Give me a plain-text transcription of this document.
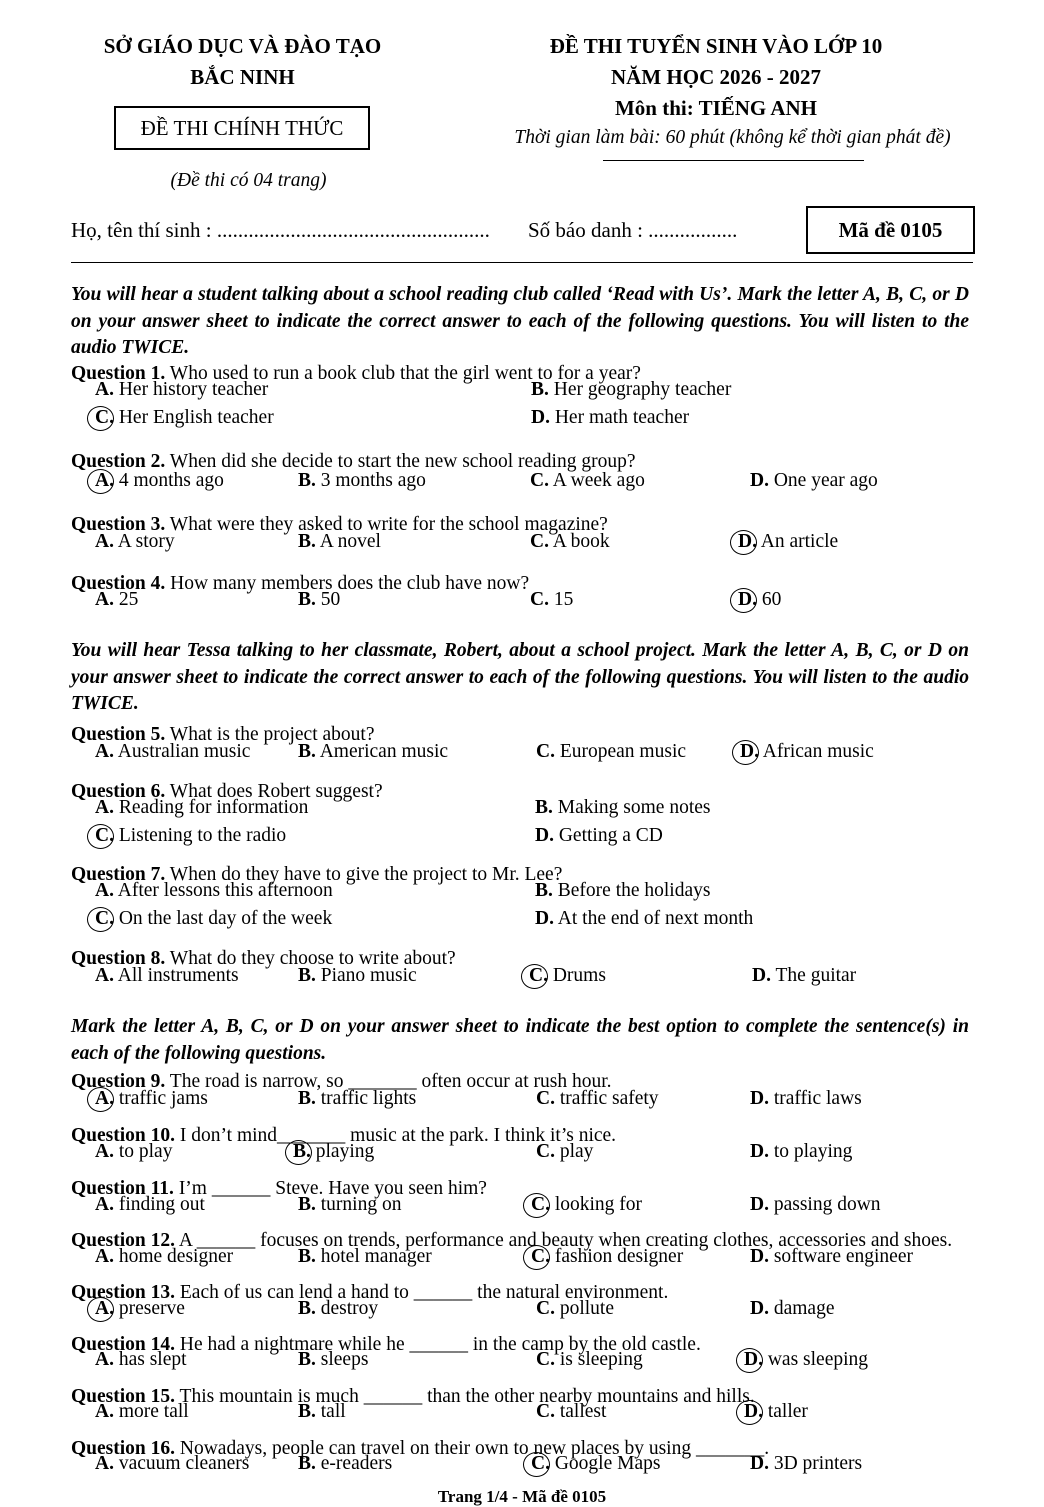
SỞ GIÁO DỤC VÀ ĐÀO TẠO
BẮC NINH
ĐỀ THI CHÍNH THỨC
(Đề thi có 04 trang)
ĐỀ THI TUYỂN SINH VÀO LỚP 10
NĂM HỌC 2026 - 2027
Môn thi: TIẾNG ANH
Thời gian làm bài: 60 phút (không kể thời gian phát đề)
Họ, tên thí sinh : .................................................... Số báo danh : .................	Mã đề 0105
You will hear a student talking about a school reading club called ‘Read with Us’. Mark the letter A, B, C, or D on your answer sheet to indicate the correct answer to each of the following questions. You will listen to the audio TWICE.
You will hear Tessa talking to her classmate, Robert, about a school project. Mark the letter A, B, C, or D on your answer sheet to indicate the correct answer to each of the following questions. You will listen to the audio TWICE.
Mark the letter A, B, C, or D on your answer sheet to indicate the best option to complete the sentence(s) in each of the following questions.
Question 1. Who used to run a book club that the girl went to for a year?
A. Her history teacher	B. Her geography teacher
C. Her English teacher	D. Her math teacher
Question 2. When did she decide to start the new school reading group?
A. 4 months ago	B. 3 months ago	C. A week ago	D. One year ago
Question 3. What were they asked to write for the school magazine?
A. A story	B. A novel	C. A book	D. An article
Question 4. How many members does the club have now?
A. 25	B. 50	C. 15	D. 60
Question 5. What is the project about?
A. Australian music B. American music	C. European music	D. African music
Question 6. What does Robert suggest?
A. Reading for information	B. Making some notes
C. Listening to the radio	D. Getting a CD
Question 7. When do they have to give the project to Mr. Lee?
A. After lessons this afternoon	B. Before the holidays
C. On the last day of the week	D. At the end of next month
Question 8. What do they choose to write about?
A. All instruments	B. Piano music	C. Drums	D. The guitar
Question 9. The road is narrow, so _______ often occur at rush hour.
A. traffic jams	B. traffic lights	C. traffic safety	D. traffic laws
Question 10. I don’t mind_______ music at the park. I think it’s nice.
A. to play	B. playing	C. play	D. to playing
Question 11. I’m ______ Steve. Have you seen him?
A. finding out	B. turning on	C. looking for	D. passing down
Question 12. A ______ focuses on trends, performance and beauty when creating clothes, accessories and shoes.
A. home designer	B. hotel manager	C. fashion designer	D. software engineer
Question 13. Each of us can lend a hand to ______ the natural environment.
A. preserve	B. destroy	C. pollute	D. damage
Question 14. He had a nightmare while he ______ in the camp by the old castle.
A. has slept	B. sleeps	C. is sleeping	D. was sleeping
Question 15. This mountain is much ______ than the other nearby mountains and hills.
A. more tall	B. tall	C. tallest	D. taller
Question 16. Nowadays, people can travel on their own to new places by using _______.
A. vacuum cleaners B. e-readers	C. Google Maps	D. 3D printers
Trang 1/4 - Mã đề 0105
